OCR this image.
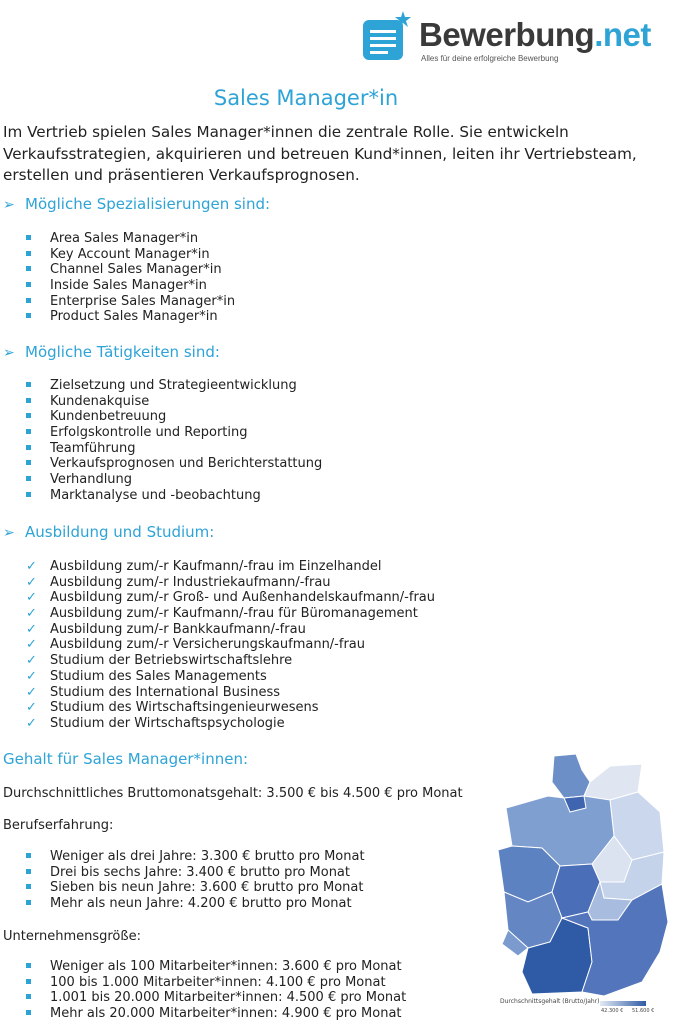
Bewerbung.net
Alles für deine erfolgreiche Bewerbung
Sales Manager*in

Im Vertrieb spielen Sales Manager*innen die zentrale Rolle. Sie entwickeln Verkaufsstrategien, akquirieren und betreuen Kund*innen, leiten ihr Vertriebsteam, erstellen und präsentieren Verkaufsprognosen.

➢ Mögliche Spezialisierungen sind:
Area Sales Manager*in
Key Account Manager*in
Channel Sales Manager*in
Inside Sales Manager*in
Enterprise Sales Manager*in
Product Sales Manager*in
➢ Mögliche Tätigkeiten sind:
Zielsetzung und Strategieentwicklung
Kundenakquise
Kundenbetreuung
Erfolgskontrolle und Reporting
Teamführung
Verkaufsprognosen und Berichterstattung
Verhandlung
Marktanalyse und -beobachtung
➢ Ausbildung und Studium:
✓	Ausbildung zum/-r Kaufmann/-frau im Einzelhandel
✓	Ausbildung zum/-r Industriekaufmann/-frau
✓	Ausbildung zum/-r Groß- und Außenhandelskaufmann/-frau
✓	Ausbildung zum/-r Kaufmann/-frau für Büromanagement
✓	Ausbildung zum/-r Bankkaufmann/-frau
✓	Ausbildung zum/-r Versicherungskaufmann/-frau
✓	Studium der Betriebswirtschaftslehre
✓	Studium des Sales Managements
✓	Studium des International Business
✓	Studium des Wirtschaftsingenieurwesens
✓	Studium der Wirtschaftspsychologie
Gehalt für Sales Manager*innen:
Durchschnittliches Bruttomonatsgehalt: 3.500 € bis 4.500 € pro Monat
Berufserfahrung:
Weniger als drei Jahre: 3.300 € brutto pro Monat
Drei bis sechs Jahre: 3.400 € brutto pro Monat
Sieben bis neun Jahre: 3.600 € brutto pro Monat
Mehr als neun Jahre: 4.200 € brutto pro Monat
Unternehmensgröße:
Weniger als 100 Mitarbeiter*innen: 3.600 € pro Monat
100 bis 1.000 Mitarbeiter*innen: 4.100 € pro Monat
1.001 bis 20.000 Mitarbeiter*innen: 4.500 € pro Monat
Mehr als 20.000 Mitarbeiter*innen: 4.900 € pro Monat
Durchschnittsgehalt (Brutto/Jahr)
42.300 € 51.600 €
